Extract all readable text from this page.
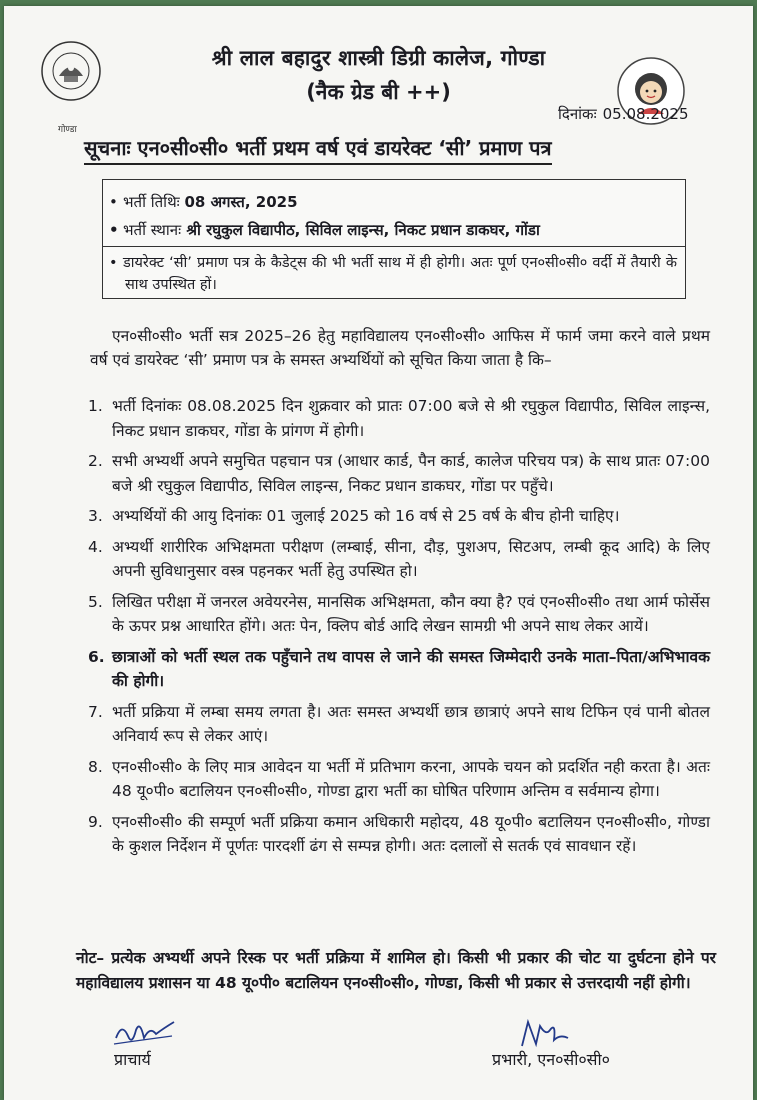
गोण्डा
श्री लाल बहादुर शास्त्री डिग्री कालेज, गोण्डा
(नैक ग्रेड बी ++)
दिनांकः 05.08.2025
सूचनाः एन०सी०सी० भर्ती प्रथम वर्ष एवं डायरेक्ट ‘सी’ प्रमाण पत्र
• भर्ती तिथिः 08 अगस्त, 2025
• भर्ती स्थानः श्री रघुकुल विद्यापीठ, सिविल लाइन्स, निकट प्रधान डाकघर, गोंडा
• डायरेक्ट ‘सी’ प्रमाण पत्र के कैडेट्स की भी भर्ती साथ में ही होगी। अतः पूर्ण एन०सी०सी० वर्दी में तैयारी के साथ उपस्थित हों।
एन०सी०सी० भर्ती सत्र 2025–26 हेतु महाविद्यालय एन०सी०सी० आफिस में फार्म जमा करने वाले प्रथम वर्ष एवं डायरेक्ट ‘सी’ प्रमाण पत्र के समस्त अभ्यर्थियों को सूचित किया जाता है कि–
1. भर्ती दिनांकः 08.08.2025 दिन शुक्रवार को प्रातः 07:00 बजे से श्री रघुकुल विद्यापीठ, सिविल लाइन्स, निकट प्रधान डाकघर, गोंडा के प्रांगण में होगी।
2. सभी अभ्यर्थी अपने समुचित पहचान पत्र (आधार कार्ड, पैन कार्ड, कालेज परिचय पत्र) के साथ प्रातः 07:00 बजे श्री रघुकुल विद्यापीठ, सिविल लाइन्स, निकट प्रधान डाकघर, गोंडा पर पहुँचे।
3. अभ्यर्थियों की आयु दिनांकः 01 जुलाई 2025 को 16 वर्ष से 25 वर्ष के बीच होनी चाहिए।
4. अभ्यर्थी शारीरिक अभिक्षमता परीक्षण (लम्बाई, सीना, दौड़, पुशअप, सिटअप, लम्बी कूद आदि) के लिए अपनी सुविधानुसार वस्त्र पहनकर भर्ती हेतु उपस्थित हो।
5. लिखित परीक्षा में जनरल अवेयरनेस, मानसिक अभिक्षमता, कौन क्या है? एवं एन०सी०सी० तथा आर्म फोर्सेस के ऊपर प्रश्न आधारित होंगे। अतः पेन, क्लिप बोर्ड आदि लेखन सामग्री भी अपने साथ लेकर आयें।
6. छात्राओं को भर्ती स्थल तक पहुँचाने तथ वापस ले जाने की समस्त जिम्मेदारी उनके माता–पिता/अभिभावक की होगी।
7. भर्ती प्रक्रिया में लम्बा समय लगता है। अतः समस्त अभ्यर्थी छात्र छात्राएं अपने साथ टिफिन एवं पानी बोतल अनिवार्य रूप से लेकर आएं।
8. एन०सी०सी० के लिए मात्र आवेदन या भर्ती में प्रतिभाग करना, आपके चयन को प्रदर्शित नही करता है। अतः 48 यू०पी० बटालियन एन०सी०सी०, गोण्डा द्वारा भर्ती का घोषित परिणाम अन्तिम व सर्वमान्य होगा।
9. एन०सी०सी० की सम्पूर्ण भर्ती प्रक्रिया कमान अधिकारी महोदय, 48 यू०पी० बटालियन एन०सी०सी०, गोण्डा के कुशल निर्देशन में पूर्णतः पारदर्शी ढंग से सम्पन्न होगी। अतः दलालों से सतर्क एवं सावधान रहें।
नोट– प्रत्येक अभ्यर्थी अपने रिस्क पर भर्ती प्रक्रिया में शामिल हो। किसी भी प्रकार की चोट या दुर्घटना होने पर महाविद्यालय प्रशासन या 48 यू०पी० बटालियन एन०सी०सी०, गोण्डा, किसी भी प्रकार से उत्तरदायी नहीं होगी।
प्राचार्य	प्रभारी, एन०सी०सी०
